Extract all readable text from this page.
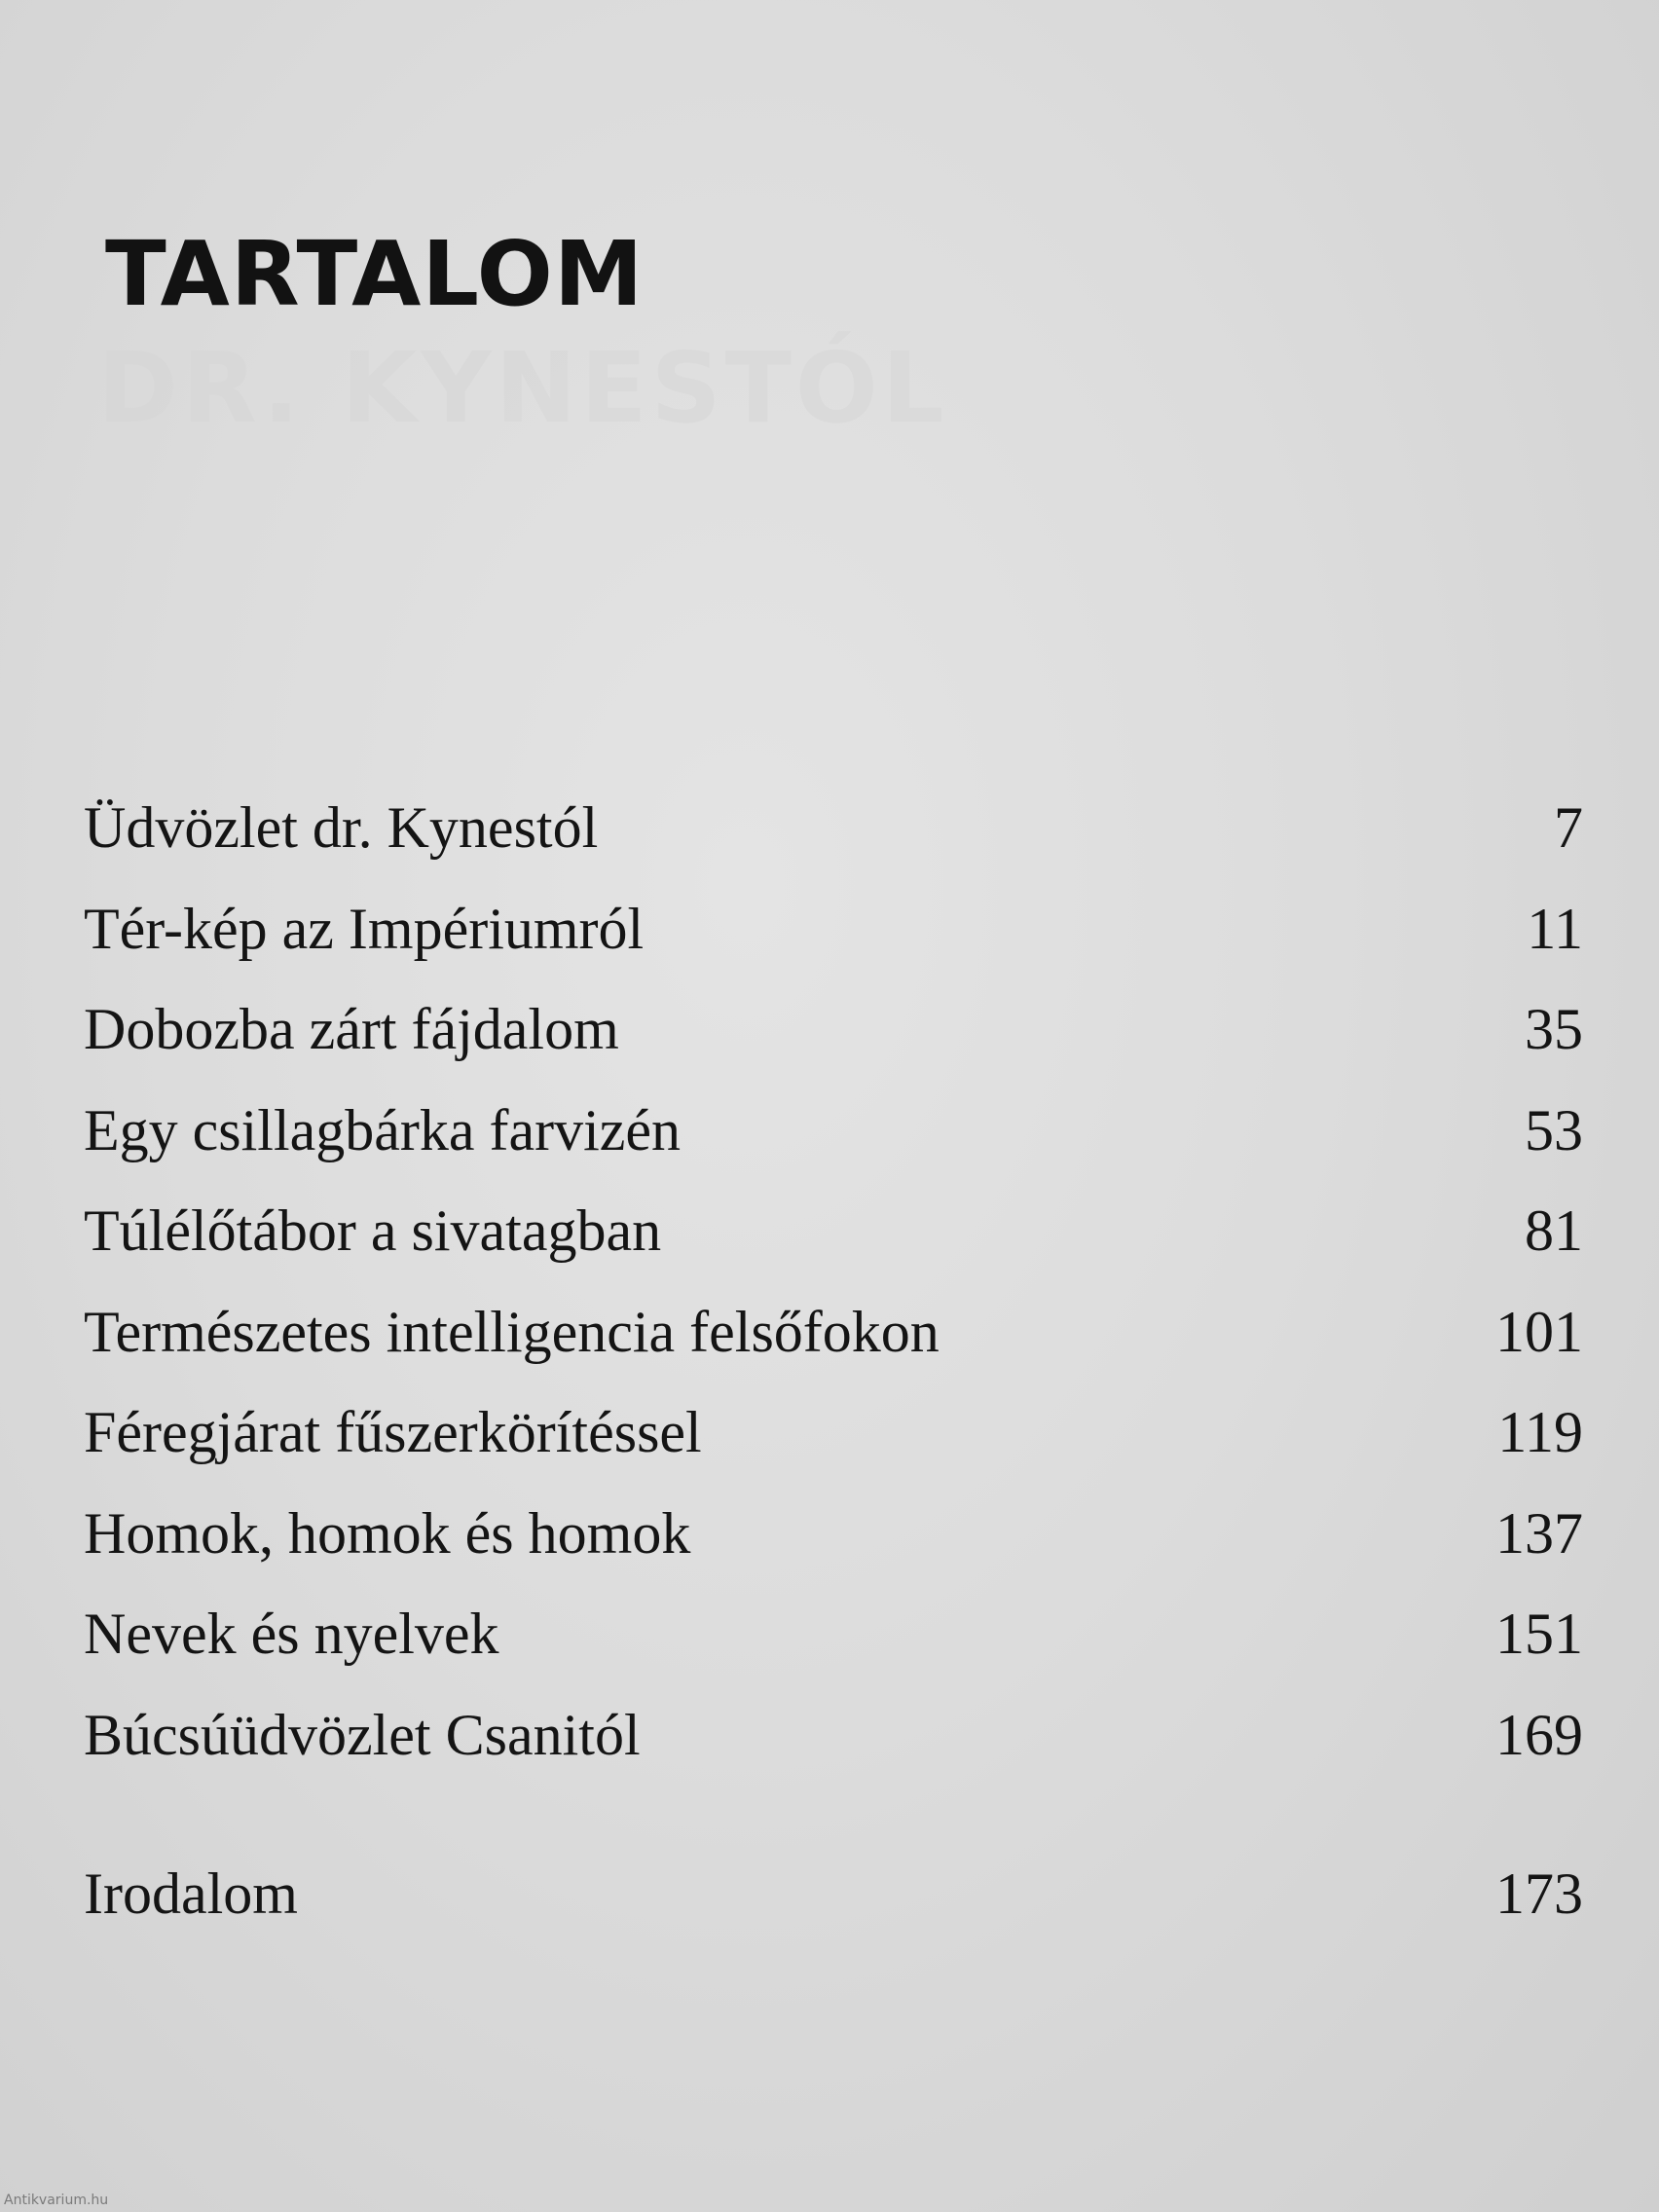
DR. KYNESTÓL
TARTALOM
Üdvözlet dr. Kynestól	7
Tér-kép az Impériumról	11
Dobozba zárt fájdalom	35
Egy csillagbárka farvizén	53
Túlélőtábor a sivatagban	81
Természetes intelligencia felsőfokon	101
Féregjárat fűszerkörítéssel	119
Homok, homok és homok	137
Nevek és nyelvek	151
Búcsúüdvözlet Csanitól	169
Irodalom	173
Antikvarium.hu
